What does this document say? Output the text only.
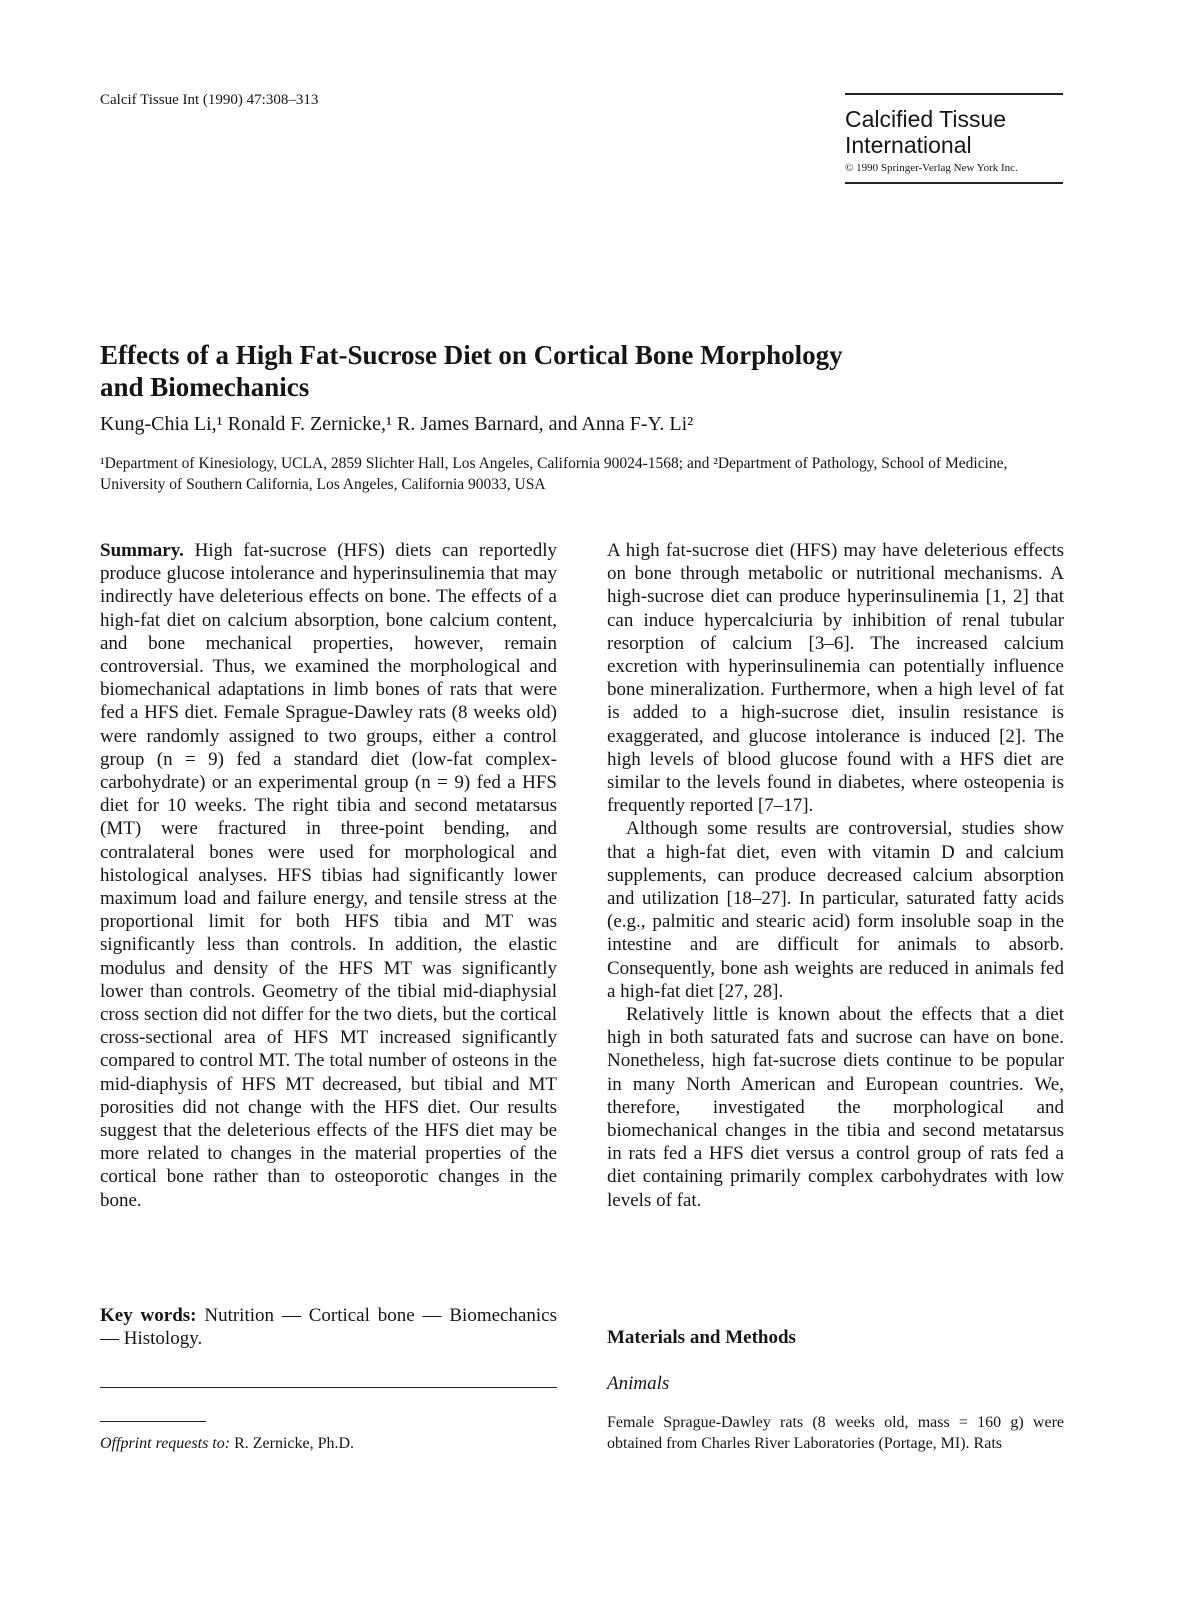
Calcif Tissue Int (1990) 47:308–313
Calcified Tissue
International
© 1990 Springer-Verlag New York Inc.
Effects of a High Fat-Sucrose Diet on Cortical Bone Morphology
and Biomechanics
Kung-Chia Li,¹ Ronald F. Zernicke,¹ R. James Barnard, and Anna F-Y. Li²
¹Department of Kinesiology, UCLA, 2859 Slichter Hall, Los Angeles, California 90024-1568; and ²Department of Pathology, School of Medicine, University of Southern California, Los Angeles, California 90033, USA

Summary. High fat-sucrose (HFS) diets can reportedly produce glucose intolerance and hyperinsulinemia that may indirectly have deleterious effects on bone. The effects of a high-fat diet on calcium absorption, bone calcium content, and bone mechanical properties, however, remain controversial. Thus, we examined the morphological and biomechanical adaptations in limb bones of rats that were fed a HFS diet. Female Sprague-Dawley rats (8 weeks old) were randomly assigned to two groups, either a control group (n = 9) fed a standard diet (low-fat complex-carbohydrate) or an experimental group (n = 9) fed a HFS diet for 10 weeks. The right tibia and second metatarsus (MT) were fractured in three-point bending, and contralateral bones were used for morphological and histological analyses. HFS tibias had significantly lower maximum load and failure energy, and tensile stress at the proportional limit for both HFS tibia and MT was significantly less than controls. In addition, the elastic modulus and density of the HFS MT was significantly lower than controls. Geometry of the tibial mid-diaphysial cross section did not differ for the two diets, but the cortical cross-sectional area of HFS MT increased significantly compared to control MT. The total number of osteons in the mid-diaphysis of HFS MT decreased, but tibial and MT porosities did not change with the HFS diet. Our results suggest that the deleterious effects of the HFS diet may be more related to changes in the material properties of the cortical bone rather than to osteoporotic changes in the bone.

Key words: Nutrition — Cortical bone — Biomechanics — Histology.
Offprint requests to: R. Zernicke, Ph.D.

A high fat-sucrose diet (HFS) may have deleterious effects on bone through metabolic or nutritional mechanisms. A high-sucrose diet can produce hyperinsulinemia [1, 2] that can induce hypercalciuria by inhibition of renal tubular resorption of calcium [3–6]. The increased calcium excretion with hyperinsulinemia can potentially influence bone mineralization. Furthermore, when a high level of fat is added to a high-sucrose diet, insulin resistance is exaggerated, and glucose intolerance is induced [2]. The high levels of blood glucose found with a HFS diet are similar to the levels found in diabetes, where osteopenia is frequently reported [7–17].

Although some results are controversial, studies show that a high-fat diet, even with vitamin D and calcium supplements, can produce decreased calcium absorption and utilization [18–27]. In particular, saturated fatty acids (e.g., palmitic and stearic acid) form insoluble soap in the intestine and are difficult for animals to absorb. Consequently, bone ash weights are reduced in animals fed a high-fat diet [27, 28].

Relatively little is known about the effects that a diet high in both saturated fats and sucrose can have on bone. Nonetheless, high fat-sucrose diets continue to be popular in many North American and European countries. We, therefore, investigated the morphological and biomechanical changes in the tibia and second metatarsus in rats fed a HFS diet versus a control group of rats fed a diet containing primarily complex carbohydrates with low levels of fat.

Materials and Methods
Animals
Female Sprague-Dawley rats (8 weeks old, mass = 160 g) were obtained from Charles River Laboratories (Portage, MI). Rats
